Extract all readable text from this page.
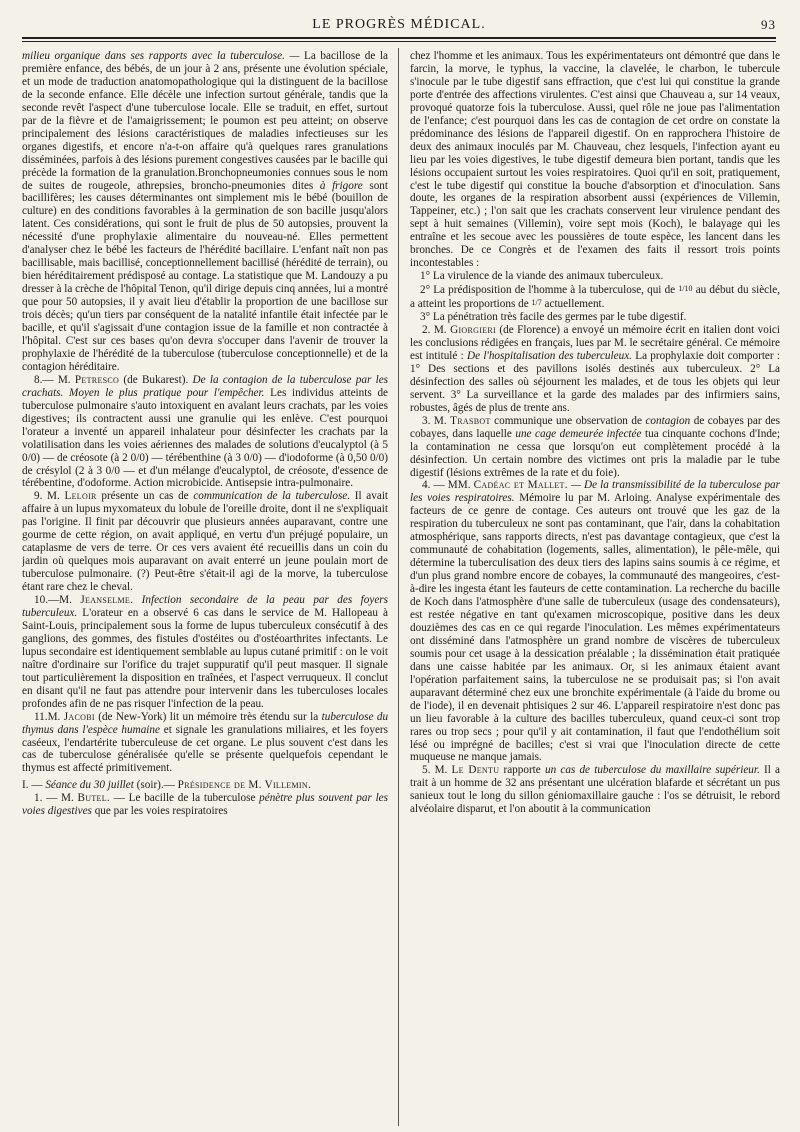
LE PROGRÈS MÉDICAL.	93

milieu organique dans ses rapports avec la tuberculose. — La bacillose de la première enfance, des bébés, de un jour à 2 ans, présente une évolution spéciale, et un mode de traduction anatomopathologique qui la distinguent de la bacillose de la seconde enfance. Elle décèle une infection surtout générale, tandis que la seconde revêt l'aspect d'une tuberculose locale. Elle se traduit, en effet, surtout par de la fièvre et de l'amaigrissement; le poumon est peu atteint; on observe principalement des lésions caractéristiques de maladies infectieuses sur les organes digestifs, et encore n'a-t-on affaire qu'à quelques rares granulations disséminées, parfois à des lésions purement congestives causées par le bacille qui précède la formation de la granulation.Bronchopneumonies connues sous le nom de suites de rougeole, athrepsies, broncho-pneumonies dites à frigore sont bacillifères; les causes déterminantes ont simplement mis le bébé (bouillon de culture) en des conditions favorables à la germination de son bacille jusqu'alors latent. Ces considérations, qui sont le fruit de plus de 50 autopsies, prouvent la nécessité d'une prophylaxie alimentaire du nouveau-né. Elles permettent d'analyser chez le bébé les facteurs de l'hérédité bacillaire. L'enfant naît non pas bacillisable, mais bacillisé, conceptionnellement bacillisé (hérédité de terrain), ou bien héréditairement prédisposé au contage. La statistique que M. Landouzy a pu dresser à la crèche de l'hôpital Tenon, qu'il dirige depuis cinq années, lui a montré que pour 50 autopsies, il y avait lieu d'établir la proportion de une bacillose sur trois décès; qu'un tiers par conséquent de la natalité infantile était infectée par le bacille, et qu'il s'agissait d'une contagion issue de la famille et non contractée à l'hôpital. C'est sur ces bases qu'on devra s'occuper dans l'avenir de trouver la prophylaxie de l'hérédité de la tuberculose (tuberculose conceptionnelle) et de la contagion héréditaire.

8.— M. Petresco (de Bukarest). De la contagion de la tuberculose par les crachats. Moyen le plus pratique pour l'empêcher. Les individus atteints de tuberculose pulmonaire s'auto intoxiquent en avalant leurs crachats, par les voies digestives; ils contractent aussi une granulie qui les enlève. C'est pourquoi l'orateur a inventé un appareil inhalateur pour désinfecter les crachats par la volatilisation dans les voies aériennes des malades de solutions d'eucalyptol (à 5 0/0) — de créosote (à 2 0/0) — térébenthine (à 3 0/0) — d'iodoforme (à 0,50 0/0) de crésylol (2 à 3 0/0 — et d'un mélange d'eucalyptol, de créosote, d'essence de térébentine, d'odoforme. Action microbicide. Antisepsie intra-pulmonaire.

9. M. Leloir présente un cas de communication de la tuberculose. Il avait affaire à un lupus myxomateux du lobule de l'oreille droite, dont il ne s'expliquait pas l'origine. Il finit par découvrir que plusieurs années auparavant, contre une gourme de cette région, on avait appliqué, en vertu d'un préjugé populaire, un cataplasme de vers de terre. Or ces vers avaient été recueillis dans un coin du jardin où quelques mois auparavant on avait enterré un jeune poulain mort de tuberculose pulmonaire. (?) Peut-être s'était-il agi de la morve, la tuberculose étant rare chez le cheval.

10.—M. Jeanselme. Infection secondaire de la peau par des foyers tuberculeux. L'orateur en a observé 6 cas dans le service de M. Hallopeau à Saint-Louis, principalement sous la forme de lupus tuberculeux consécutif à des ganglions, des gommes, des fistules d'ostéites ou d'ostéoarthrites infectants. Le lupus secondaire est identiquement semblable au lupus cutané primitif : on le voit naître d'ordinaire sur l'orifice du trajet suppuratif qu'il peut masquer. Il signale tout particulièrement la disposition en traînées, et l'aspect verruqueux. Il conclut en disant qu'il ne faut pas attendre pour intervenir dans les tuberculoses locales profondes afin de ne pas risquer l'infection de la peau.

11.M. Jacobi (de New-York) lit un mémoire très étendu sur la tuberculose du thymus dans l'espèce humaine et signale les granulations miliaires, et les foyers caséeux, l'endartérite tuberculeuse de cet organe. Le plus souvent c'est dans les cas de tuberculose généralisée qu'elle se présente quelquefois cependant le thymus est affecté primitivement.

I. — Séance du 30 juillet (soir).— Présidence de M. Villemin.

1. — M. Butel. — Le bacille de la tuberculose pénètre plus souvent par les voies digestives que par les voies respiratoires

chez l'homme et les animaux. Tous les expérimentateurs ont démontré que dans le farcin, la morve, le typhus, la vaccine, la clavelée, le charbon, le tubercule s'inocule par le tube digestif sans effraction, que c'est lui qui constitue la grande porte d'entrée des affections virulentes. C'est ainsi que Chauveau a, sur 14 veaux, provoqué quatorze fois la tuberculose. Aussi, quel rôle ne joue pas l'alimentation de l'enfance; c'est pourquoi dans les cas de contagion de cet ordre on constate la prédominance des lésions de l'appareil digestif. On en rapprochera l'histoire de deux des animaux inoculés par M. Chauveau, chez lesquels, l'infection ayant eu lieu par les voies digestives, le tube digestif demeura bien portant, tandis que les lésions occupaient surtout les voies respiratoires. Quoi qu'il en soit, pratiquement, c'est le tube digestif qui constitue la bouche d'absorption et d'inoculation. Sans doute, les organes de la respiration absorbent aussi (expériences de Villemin, Tappeiner, etc.) ; l'on sait que les crachats conservent leur virulence pendant des sept à huit semaines (Villemin), voire sept mois (Koch), le balayage qui les entraîne et les secoue avec les poussières de toute espèce, les lancent dans les bronches. De ce Congrès et de l'examen des faits il ressort trois points incontestables :

1° La virulence de la viande des animaux tuberculeux.

2° La prédisposition de l'homme à la tuberculose, qui de 1/10 au début du siècle, a atteint les proportions de 1/7 actuellement.

3° La pénétration très facile des germes par le tube digestif.

2. M. Giorgieri (de Florence) a envoyé un mémoire écrit en italien dont voici les conclusions rédigées en français, lues par M. le secrétaire général. Ce mémoire est intitulé : De l'hospitalisation des tuberculeux. La prophylaxie doit comporter : 1° Des sections et des pavillons isolés destinés aux tuberculeux. 2° La désinfection des salles où séjournent les malades, et de tous les objets qui leur servent. 3° La surveillance et la garde des malades par des infirmiers sains, robustes, âgés de plus de trente ans.

3. M. Trasbot communique une observation de contagion de cobayes par des cobayes, dans laquelle une cage demeurée infectée tua cinquante cochons d'Inde; la contamination ne cessa que lorsqu'on eut complètement procédé à la désinfection. Un certain nombre des victimes ont pris la maladie par le tube digestif (lésions extrêmes de la rate et du foie).

4. — MM. Cadéac et Mallet. — De la transmissibilité de la tuberculose par les voies respiratoires. Mémoire lu par M. Arloing. Analyse expérimentale des facteurs de ce genre de contage. Ces auteurs ont trouvé que les gaz de la respiration du tuberculeux ne sont pas contaminant, que l'air, dans la cohabitation atmosphérique, sans rapports directs, n'est pas davantage contagieux, que c'est la communauté de cohabitation (logements, salles, alimentation), le pêle-mêle, qui détermine la tuberculisation des deux tiers des lapins sains soumis à ce régime, et d'un plus grand nombre encore de cobayes, la communauté des mangeoires, c'est-à-dire les ingesta étant les fauteurs de cette contamination. La recherche du bacille de Koch dans l'atmosphère d'une salle de tuberculeux (usage des condensateurs), est restée négative en tant qu'examen microscopique, positive dans les deux douzièmes des cas en ce qui regarde l'inoculation. Les mêmes expérimentateurs ont disséminé dans l'atmosphère un grand nombre de viscères de tuberculeux soumis pour cet usage à la dessication préalable ; la dissémination était pratiquée dans une caisse habitée par les animaux. Or, si les animaux étaient avant l'opération parfaitement sains, la tuberculose ne se produisait pas; si l'on avait auparavant déterminé chez eux une bronchite expérimentale (à l'aide du brome ou de l'iode), il en devenait phtisiques 2 sur 46. L'appareil respiratoire n'est donc pas un lieu favorable à la culture des bacilles tuberculeux, quand ceux-ci sont trop rares ou trop secs ; pour qu'il y ait contamination, il faut que l'endothélium soit lésé ou imprégné de bacilles; c'est si vrai que l'inoculation directe de cette muqueuse ne manque jamais.

5. M. Le Dentu rapporte un cas de tuberculose du maxillaire supérieur. Il a trait à un homme de 32 ans présentant une ulcération blafarde et sécrétant un pus sanieux tout le long du sillon géniomaxillaire gauche : l'os se détruisit, le rebord alvéolaire disparut, et l'on aboutit à la communication
